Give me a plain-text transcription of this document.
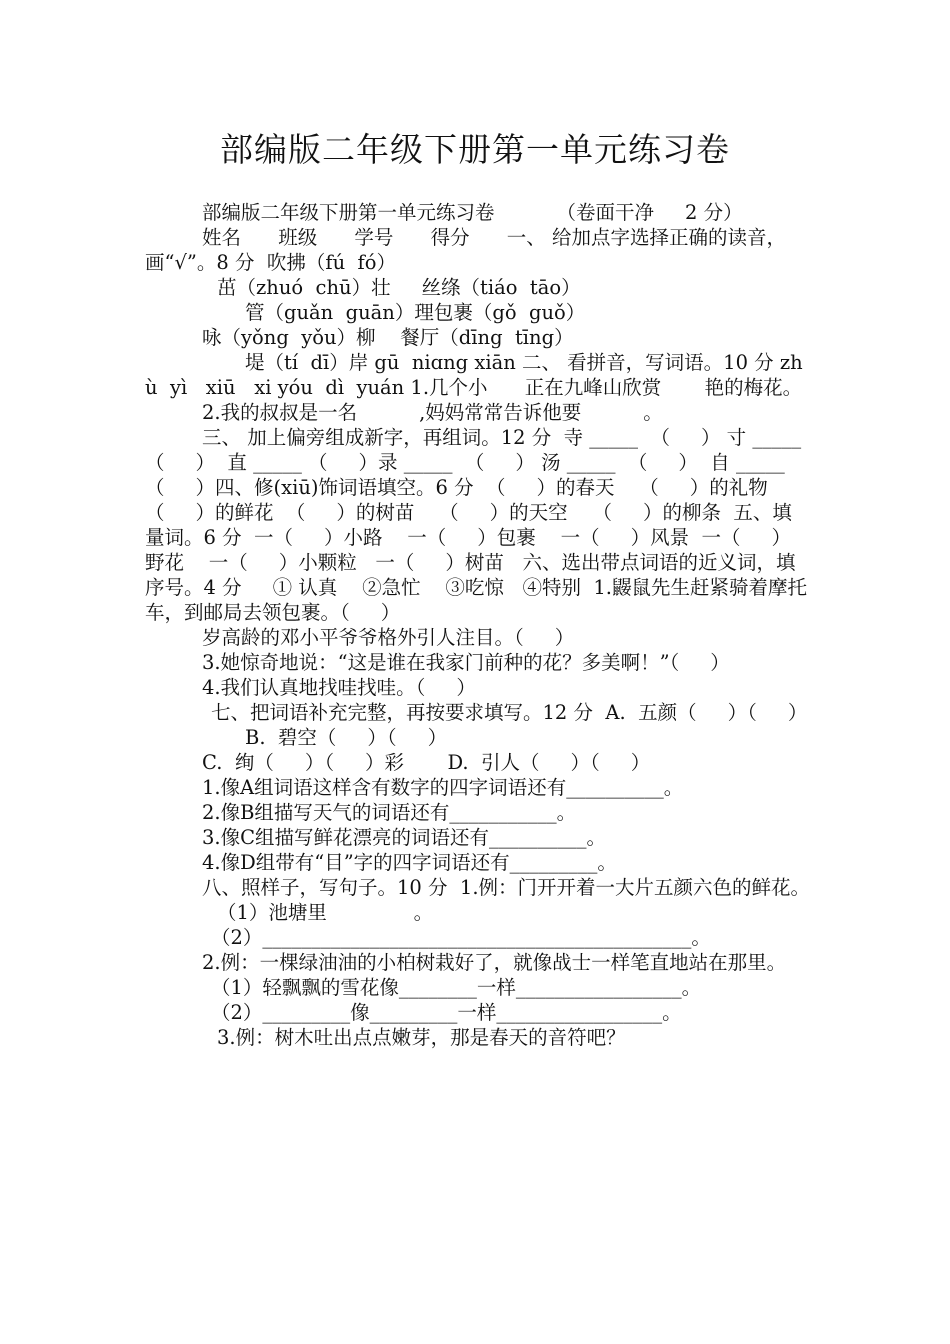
部编版二年级下册第一单元练习卷

部编版二年级下册第一单元练习卷          （卷面干净     2 分）

姓名      班级      学号      得分      一、 给加点字选择正确的读音，画“√”。8 分  吹拂（fú  fó）

茁（zhuó  chū）壮     丝绦（tiáo  tāo）

管（guǎn  guān）理包裹（gǒ  guǒ）

咏（yǒng  yǒu）柳    餐厅（dīng  tīng）

堤（tí  dī）岸 gū  niɑng xiān 二、 看拼音，写词语。10 分 zhù  yì   xiū   xi yóu  dì  yuán 1.几个小      正在九峰山欣赏       艳的梅花。

2.我的叔叔是一名          ,妈妈常常告诉他要          。

三、 加上偏旁组成新字，再组词。12 分  寺 _____  （     ） 寸 _____  （     ）  直 _____ （     ）录 _____  （     ） 汤 _____  （     ）  自 _____  （     ）四、修(xiū)饰词语填空。6 分  （     ）的春天    （     ）的礼物    （     ）的鲜花  （     ）的树苗    （     ）的天空    （     ）的柳条  五、填量词。6 分  一（     ）小路    一（     ）包裹    一（     ）风景  一（     ）野花    一（     ）小颗粒   一（     ）树苗   六、选出带点词语的近义词，填序号。4 分     ① 认真    ②急忙    ③吃惊   ④特别  1.鼹鼠先生赶紧骑着摩托车，到邮局去领包裹。（     ）

岁高龄的邓小平爷爷格外引人注目。（     ）

3.她惊奇地说：“这是谁在我家门前种的花？多美啊！”（     ）

4.我们认真地找哇找哇。（     ）

七、把词语补充完整，再按要求填写。12 分  A.  五颜（     ）（     ）

B.  碧空（     ）（     ）

C.  绚（     ）（     ）彩       D.  引人（     ）（     ）

1.像A组词语这样含有数字的四字词语还有__________。

2.像B组描写天气的词语还有___________。

3.像C组描写鲜花漂亮的词语还有__________。

4.像D组带有“目”字的四字词语还有_________。

八、照样子，写句子。10 分  1.例：门开开着一大片五颜六色的鲜花。

（1）池塘里              。

（2）____________________________________________。

2.例：一棵绿油油的小柏树栽好了，就像战士一样笔直地站在那里。

（1）轻飘飘的雪花像________一样_________________。

（2）_________像_________一样_________________。

3.例：树木吐出点点嫩芽，那是春天的音符吧？
